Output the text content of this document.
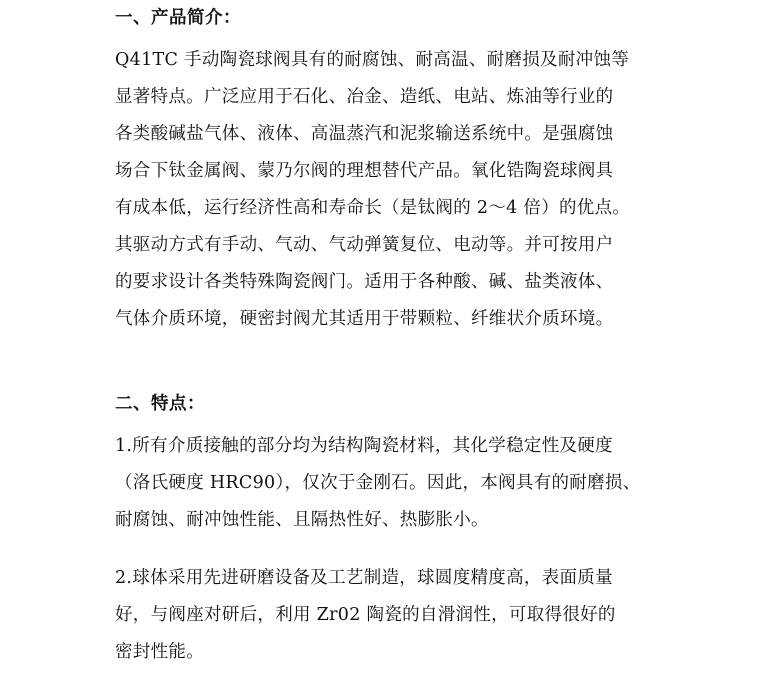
一、产品简介：
Q41TC 手动陶瓷球阀具有的耐腐蚀、耐高温、耐磨损及耐冲蚀等
显著特点。广泛应用于石化、冶金、造纸、电站、炼油等行业的
各类酸碱盐气体、液体、高温蒸汽和泥浆输送系统中。是强腐蚀
场合下钛金属阀、蒙乃尔阀的理想替代产品。氧化锆陶瓷球阀具
有成本低，运行经济性高和寿命长（是钛阀的 2～4 倍）的优点。
其驱动方式有手动、气动、气动弹簧复位、电动等。并可按用户
的要求设计各类特殊陶瓷阀门。适用于各种酸、碱、盐类液体、
气体介质环境，硬密封阀尤其适用于带颗粒、纤维状介质环境。
二、特点：
1.所有介质接触的部分均为结构陶瓷材料，其化学稳定性及硬度
（洛氏硬度 HRC90），仅次于金刚石。因此，本阀具有的耐磨损、
耐腐蚀、耐冲蚀性能、且隔热性好、热膨胀小。
2.球体采用先进研磨设备及工艺制造，球圆度精度高，表面质量
好，与阀座对研后，利用 Zr02 陶瓷的自滑润性，可取得很好的
密封性能。
